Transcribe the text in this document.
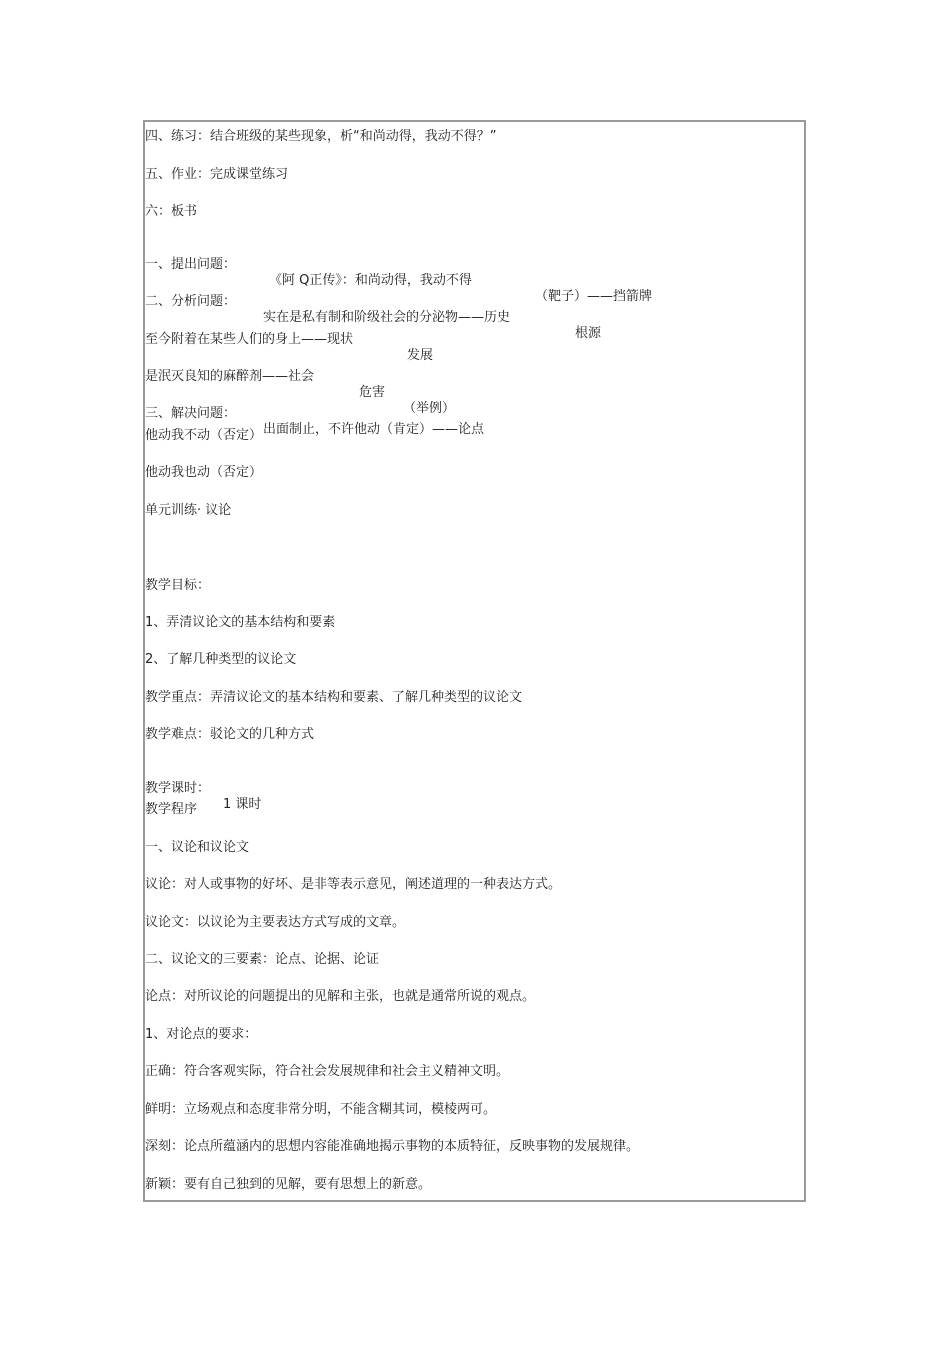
四、练习：结合班级的某些现象，析“和尚动得，我动不得？”
五、作业：完成课堂练习
六：板书

一、提出问题：

《阿 Q正传》：和尚动得，我动不得

（靶子）——挡箭牌

二、分析问题：

实在是私有制和阶级社会的分泌物——历史

根源

至今附着在某些人们的身上——现状

发展

是泯灭良知的麻醉剂——社会

危害

（举例）

三、解决问题：

出面制止，不许他动（肯定）——论点

他动我不动（否定）
他动我也动（否定）
单元训练· 议论
教学目标：
1、弄清议论文的基本结构和要素
2、了解几种类型的议论文
教学重点：弄清议论文的基本结构和要素、了解几种类型的议论文
教学难点：驳论文的几种方式

教学课时：

1 课时

教学程序
一、议论和议论文
议论：对人或事物的好坏、是非等表示意见，阐述道理的一种表达方式。
议论文：以议论为主要表达方式写成的文章。
二、议论文的三要素：论点、论据、论证
论点：对所议论的问题提出的见解和主张，也就是通常所说的观点。
1、对论点的要求：
正确：符合客观实际，符合社会发展规律和社会主义精神文明。
鲜明：立场观点和态度非常分明，不能含糊其词，模棱两可。
深刻：论点所蕴涵内的思想内容能准确地揭示事物的本质特征，反映事物的发展规律。
新颖：要有自己独到的见解，要有思想上的新意。
